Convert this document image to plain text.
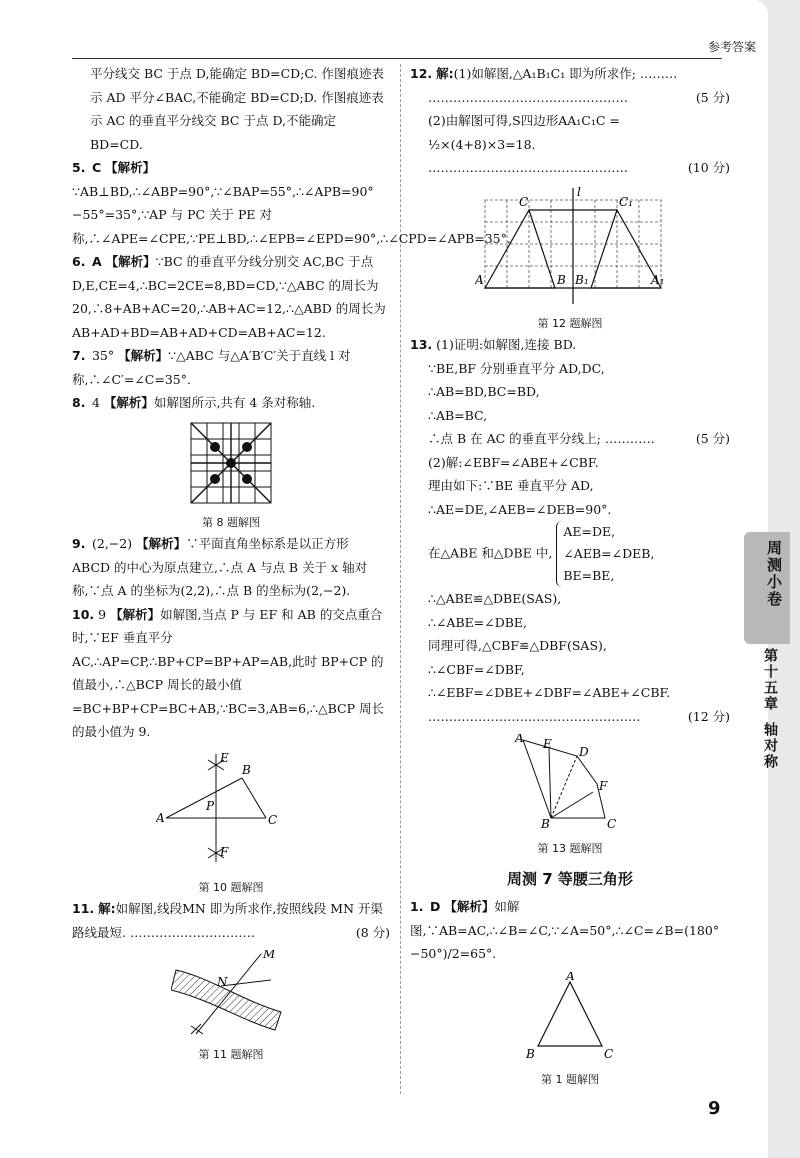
参考答案

平分线交 BC 于点 D,能确定 BD=CD;C. 作图痕迹表示 AD 平分∠BAC,不能确定 BD=CD;D. 作图痕迹表示 AC 的垂直平分线交 BC 于点 D,不能确定 BD=CD.

5. C 【解析】∵AB⊥BD,∴∠ABP=90°,∵∠BAP=55°,∴∠APB=90°−55°=35°,∵AP 与 PC 关于 PE 对称,∴∠APE=∠CPE,∵PE⊥BD,∴∠EPB=∠EPD=90°,∴∠CPD=∠APB=35°.

6. A 【解析】∵BC 的垂直平分线分别交 AC,BC 于点 D,E,CE=4,∴BC=2CE=8,BD=CD,∵△ABC 的周长为 20,∴8+AB+AC=20,∴AB+AC=12,∴△ABD 的周长为 AB+AD+BD=AB+AD+CD=AB+AC=12.

7. 35° 【解析】∵△ABC 与△A′B′C′关于直线 l 对称,∴∠C′=∠C=35°.

8. 4 【解析】如解图所示,共有 4 条对称轴.

第 8 题解图

9. (2,−2) 【解析】∵平面直角坐标系是以正方形 ABCD 的中心为原点建立,∴点 A 与点 B 关于 x 轴对称,∵点 A 的坐标为(2,2),∴点 B 的坐标为(2,−2).

10. 9 【解析】如解图,当点 P 与 EF 和 AB 的交点重合时,∵EF 垂直平分 AC,∴AP=CP,∴BP+CP=BP+AP=AB,此时 BP+CP 的值最小,∴△BCP 周长的最小值=BC+BP+CP=BC+AB,∵BC=3,AB=6,∴△BCP 周长的最小值为 9.

A	C
B
P
E
F
第 10 题解图

11. 解:如解图,线段MN 即为所求作,按照线段 MN 开渠路线最短. …………………………	(8 分)

M
N
第 11 题解图

12. 解:(1)如解图,△A₁B₁C₁ 即为所求作; ………

…………………………………………	(5 分)

(2)由解图可得,S四边形AA₁C₁C = ½×(4+8)×3=18.

…………………………………………	(10 分)

l
C	C₁
A	B B₁	A₁
第 12 题解图

13. (1)证明:如解图,连接 BD.

∵BE,BF 分别垂直平分 AD,DC,

∴AB=BD,BC=BD,

∴AB=BC,

∴点 B 在 AC 的垂直平分线上; …………	(5 分)

(2)解:∠EBF=∠ABE+∠CBF.

理由如下:∵BE 垂直平分 AD,

∴AE=DE,∠AEB=∠DEB=90°.

在△ABE 和△DBE 中, AE=DE,
∠AEB=∠DEB,
BE=BE,

∴△ABE≌△DBE(SAS),

∴∠ABE=∠DBE,

同理可得,△CBF≌△DBF(SAS),

∴∠CBF=∠DBF,

∴∠EBF=∠DBE+∠DBF=∠ABE+∠CBF.

……………………………………………	(12 分)

A E
D
F
B	C
第 13 题解图
周测 7 等腰三角形

1. D 【解析】如解图,∵AB=AC,∴∠B=∠C,∵∠A=50°,∴∠C=∠B=(180°−50°)/2=65°.

A
B	C
第 1 题解图
周测小卷
第十五章
轴对称
9
